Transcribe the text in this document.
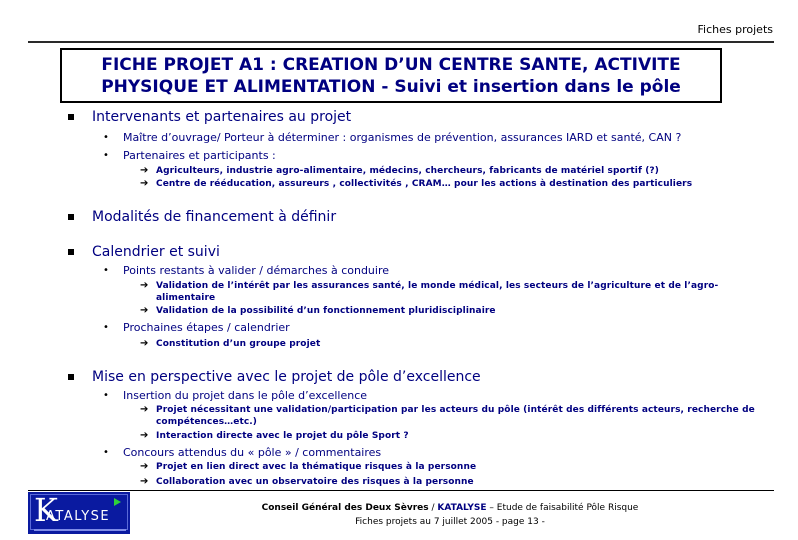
Fiches projets
FICHE PROJET A1 : CREATION D’UN CENTRE SANTE, ACTIVITE
PHYSIQUE ET ALIMENTATION - Suivi et insertion dans le pôle
Intervenants et partenaires au projet
• Maître d’ouvrage/ Porteur à déterminer : organismes de prévention, assurances IARD et santé, CAN ?
• Partenaires et participants :
➔ Agriculteurs, industrie agro-alimentaire, médecins, chercheurs, fabricants de matériel sportif (?)
➔ Centre de rééducation, assureurs , collectivités , CRAM… pour les actions à destination des particuliers
Modalités de financement à définir
Calendrier et suivi
• Points restants à valider / démarches à conduire
➔ Validation de l’intérêt par les assurances santé, le monde médical, les secteurs de l’agriculture et de l’agro-
alimentaire
➔ Validation de la possibilité d’un fonctionnement pluridisciplinaire
• Prochaines étapes / calendrier
➔ Constitution d’un groupe projet
Mise en perspective avec le projet de pôle d’excellence
• Insertion du projet dans le pôle d’excellence
➔ Projet nécessitant une validation/participation par les acteurs du pôle (intérêt des différents acteurs, recherche de
compétences…etc.)
➔ Interaction directe avec le projet du pôle Sport ?
• Concours attendus du « pôle » / commentaires
➔ Projet en lien direct avec la thématique risques à la personne
➔ Collaboration avec un observatoire des risques à la personne
K
ATALYSE
Conseil Général des Deux Sèvres / KATALYSE – Etude de faisabilité Pôle Risque
Fiches projets au 7 juillet 2005 - page 13 -
